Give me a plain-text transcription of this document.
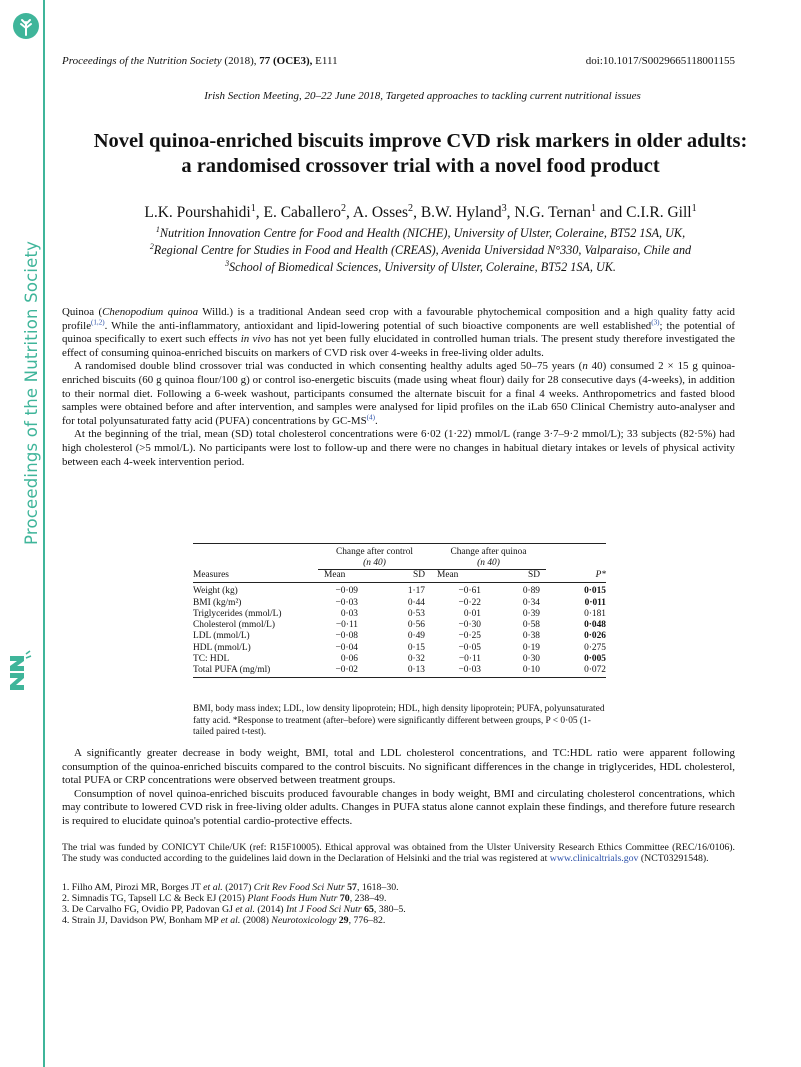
Proceedings of the Nutrition Society
Proceedings of the Nutrition Society (2018), 77 (OCE3), E111	doi:10.1017/S0029665118001155
Irish Section Meeting, 20–22 June 2018, Targeted approaches to tackling current nutritional issues
Novel quinoa-enriched biscuits improve CVD risk markers in older adults:
a randomised crossover trial with a novel food product
L.K. Pourshahidi$^1$, E. Caballero$^2$, A. Osses$^2$, B.W. Hyland$^3$, N.G. Ternan$^1$ and C.I.R. Gill$^1$
$^1$Nutrition Innovation Centre for Food and Health (NICHE), University of Ulster, Coleraine, BT52 1SA, UK,
$^2$Regional Centre for Studies in Food and Health (CREAS), Avenida Universidad N°330, Valparaiso, Chile and
$^3$School of Biomedical Sciences, University of Ulster, Coleraine, BT52 1SA, UK.

Quinoa (Chenopodium quinoa Willd.) is a traditional Andean seed crop with a favourable phytochemical composition and a high quality fatty acid profile$^{(1,2)}$. While the anti-inflammatory, antioxidant and lipid-lowering potential of such bioactive components are well established$^{(3)}$; the potential of quinoa specifically to exert such effects in vivo has not yet been fully elucidated in controlled human trials. The present study therefore investigated the effect of consuming quinoa-enriched biscuits on markers of CVD risk over 4-weeks in free-living older adults.

A randomised double blind crossover trial was conducted in which consenting healthy adults aged 50–75 years (n 40) consumed 2 × 15 g quinoa-enriched biscuits (60 g quinoa flour/100 g) or control iso-energetic biscuits (made using wheat flour) daily for 28 consecutive days (4-weeks), in addition to their normal diet. Following a 6-week washout, participants consumed the alternate biscuit for a final 4 weeks. Anthropometrics and fasted blood samples were obtained before and after intervention, and samples were analysed for lipid profiles on the iLab 650 Clinical Chemistry auto-analyser and for total polyunsaturated fatty acid (PUFA) concentrations by GC-MS$^{(4)}$.

At the beginning of the trial, mean (SD) total cholesterol concentrations were 6·02 (1·22) mmol/L (range 3·7–9·2 mmol/L); 33 subjects (82·5%) had high cholesterol (>5 mmol/L). No participants were lost to follow-up and there were no changes in habitual dietary intakes or levels of physical activity between each 4-week intervention period.

	Change after control
(n 40)		Change after quinoa
(n 40)		
Measures	Mean	SD	Mean	SD	P*
Weight (kg)	−0·09	1·17	−0·61	0·89	0·015
BMI (kg/m²)	−0·03	0·44	−0·22	0·34	0·011
Triglycerides (mmol/L)	0·03	0·53	0·01	0·39	0·181
Cholesterol (mmol/L)	−0·11	0·56	−0·30	0·58	0·048
LDL (mmol/L)	−0·08	0·49	−0·25	0·38	0·026
HDL (mmol/L)	−0·04	0·15	−0·05	0·19	0·275
TC: HDL	0·06	0·32	−0·11	0·30	0·005
Total PUFA (mg/ml)	−0·02	0·13	−0·03	0·10	0·072
BMI, body mass index; LDL, low density lipoprotein; HDL, high density lipoprotein; PUFA, polyunsaturated fatty acid. *Response to treatment (after–before) were significantly different between groups, P < 0·05 (1-tailed paired t-test).

A significantly greater decrease in body weight, BMI, total and LDL cholesterol concentrations, and TC:HDL ratio were apparent following consumption of the quinoa-enriched biscuits compared to the control biscuits. No significant differences in the change in triglycerides, HDL cholesterol, total PUFA or CRP concentrations were observed between treatment groups.

Consumption of novel quinoa-enriched biscuits produced favourable changes in body weight, BMI and circulating cholesterol concentrations, which may contribute to lowered CVD risk in free-living older adults. Changes in PUFA status alone cannot explain these findings, and therefore future research is required to elucidate quinoa's potential cardio-protective effects.

The trial was funded by CONICYT Chile/UK (ref: R15F10005). Ethical approval was obtained from the Ulster University Research Ethics Committee (REC/16/0106). The study was conducted according to the guidelines laid down in the Declaration of Helsinki and the trial was registered at www.clinicaltrials.gov (NCT03291548).
1. Filho AM, Pirozi MR, Borges JT et al. (2017) Crit Rev Food Sci Nutr 57, 1618–30.
2. Simnadis TG, Tapsell LC & Beck EJ (2015) Plant Foods Hum Nutr 70, 238–49.
3. De Carvalho FG, Ovidio PP, Padovan GJ et al. (2014) Int J Food Sci Nutr 65, 380–5.
4. Strain JJ, Davidson PW, Bonham MP et al. (2008) Neurotoxicology 29, 776–82.
